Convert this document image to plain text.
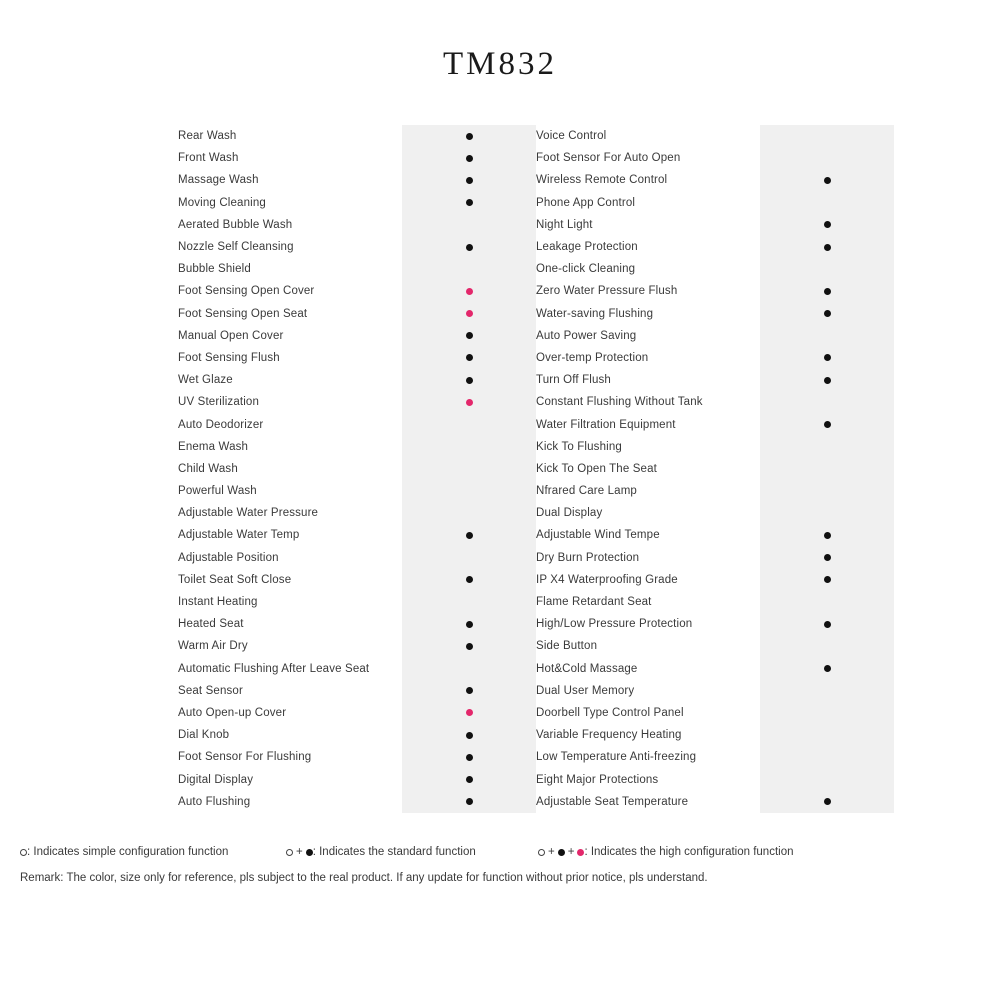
TM832
Rear Wash		Voice Control	
Front Wash		Foot Sensor For Auto Open	
Massage Wash		Wireless Remote Control	
Moving Cleaning		Phone App Control	
Aerated Bubble Wash		Night Light	
Nozzle Self Cleansing		Leakage Protection	
Bubble Shield		One-click Cleaning	
Foot Sensing Open Cover		Zero Water Pressure Flush	
Foot Sensing Open Seat		Water-saving Flushing	
Manual Open Cover		Auto Power Saving	
Foot Sensing Flush		Over-temp Protection	
Wet Glaze		Turn Off Flush	
UV Sterilization		Constant Flushing Without Tank	
Auto Deodorizer		Water Filtration Equipment	
Enema Wash		Kick To Flushing	
Child Wash		Kick To Open The Seat	
Powerful Wash		Nfrared Care Lamp	
Adjustable Water Pressure		Dual Display	
Adjustable Water Temp		Adjustable Wind Tempe	
Adjustable Position		Dry Burn Protection	
Toilet Seat Soft Close		IP X4 Waterproofing Grade	
Instant Heating		Flame Retardant Seat	
Heated Seat		High/Low Pressure Protection	
Warm Air Dry		Side Button	
Automatic Flushing After Leave Seat		Hot&Cold Massage	
Seat Sensor		Dual User Memory	
Auto Open-up Cover		Doorbell Type Control Panel	
Dial Knob		Variable Frequency Heating	
Foot Sensor For Flushing		Low Temperature Anti-freezing	
Digital Display		Eight Major Protections	
Auto Flushing		Adjustable Seat Temperature	
: Indicates simple configuration function	+ : Indicates the standard function	+ + : Indicates the high configuration function
Remark: The color, size only for reference, pls subject to the real product. If any update for function without prior notice, pls understand.
